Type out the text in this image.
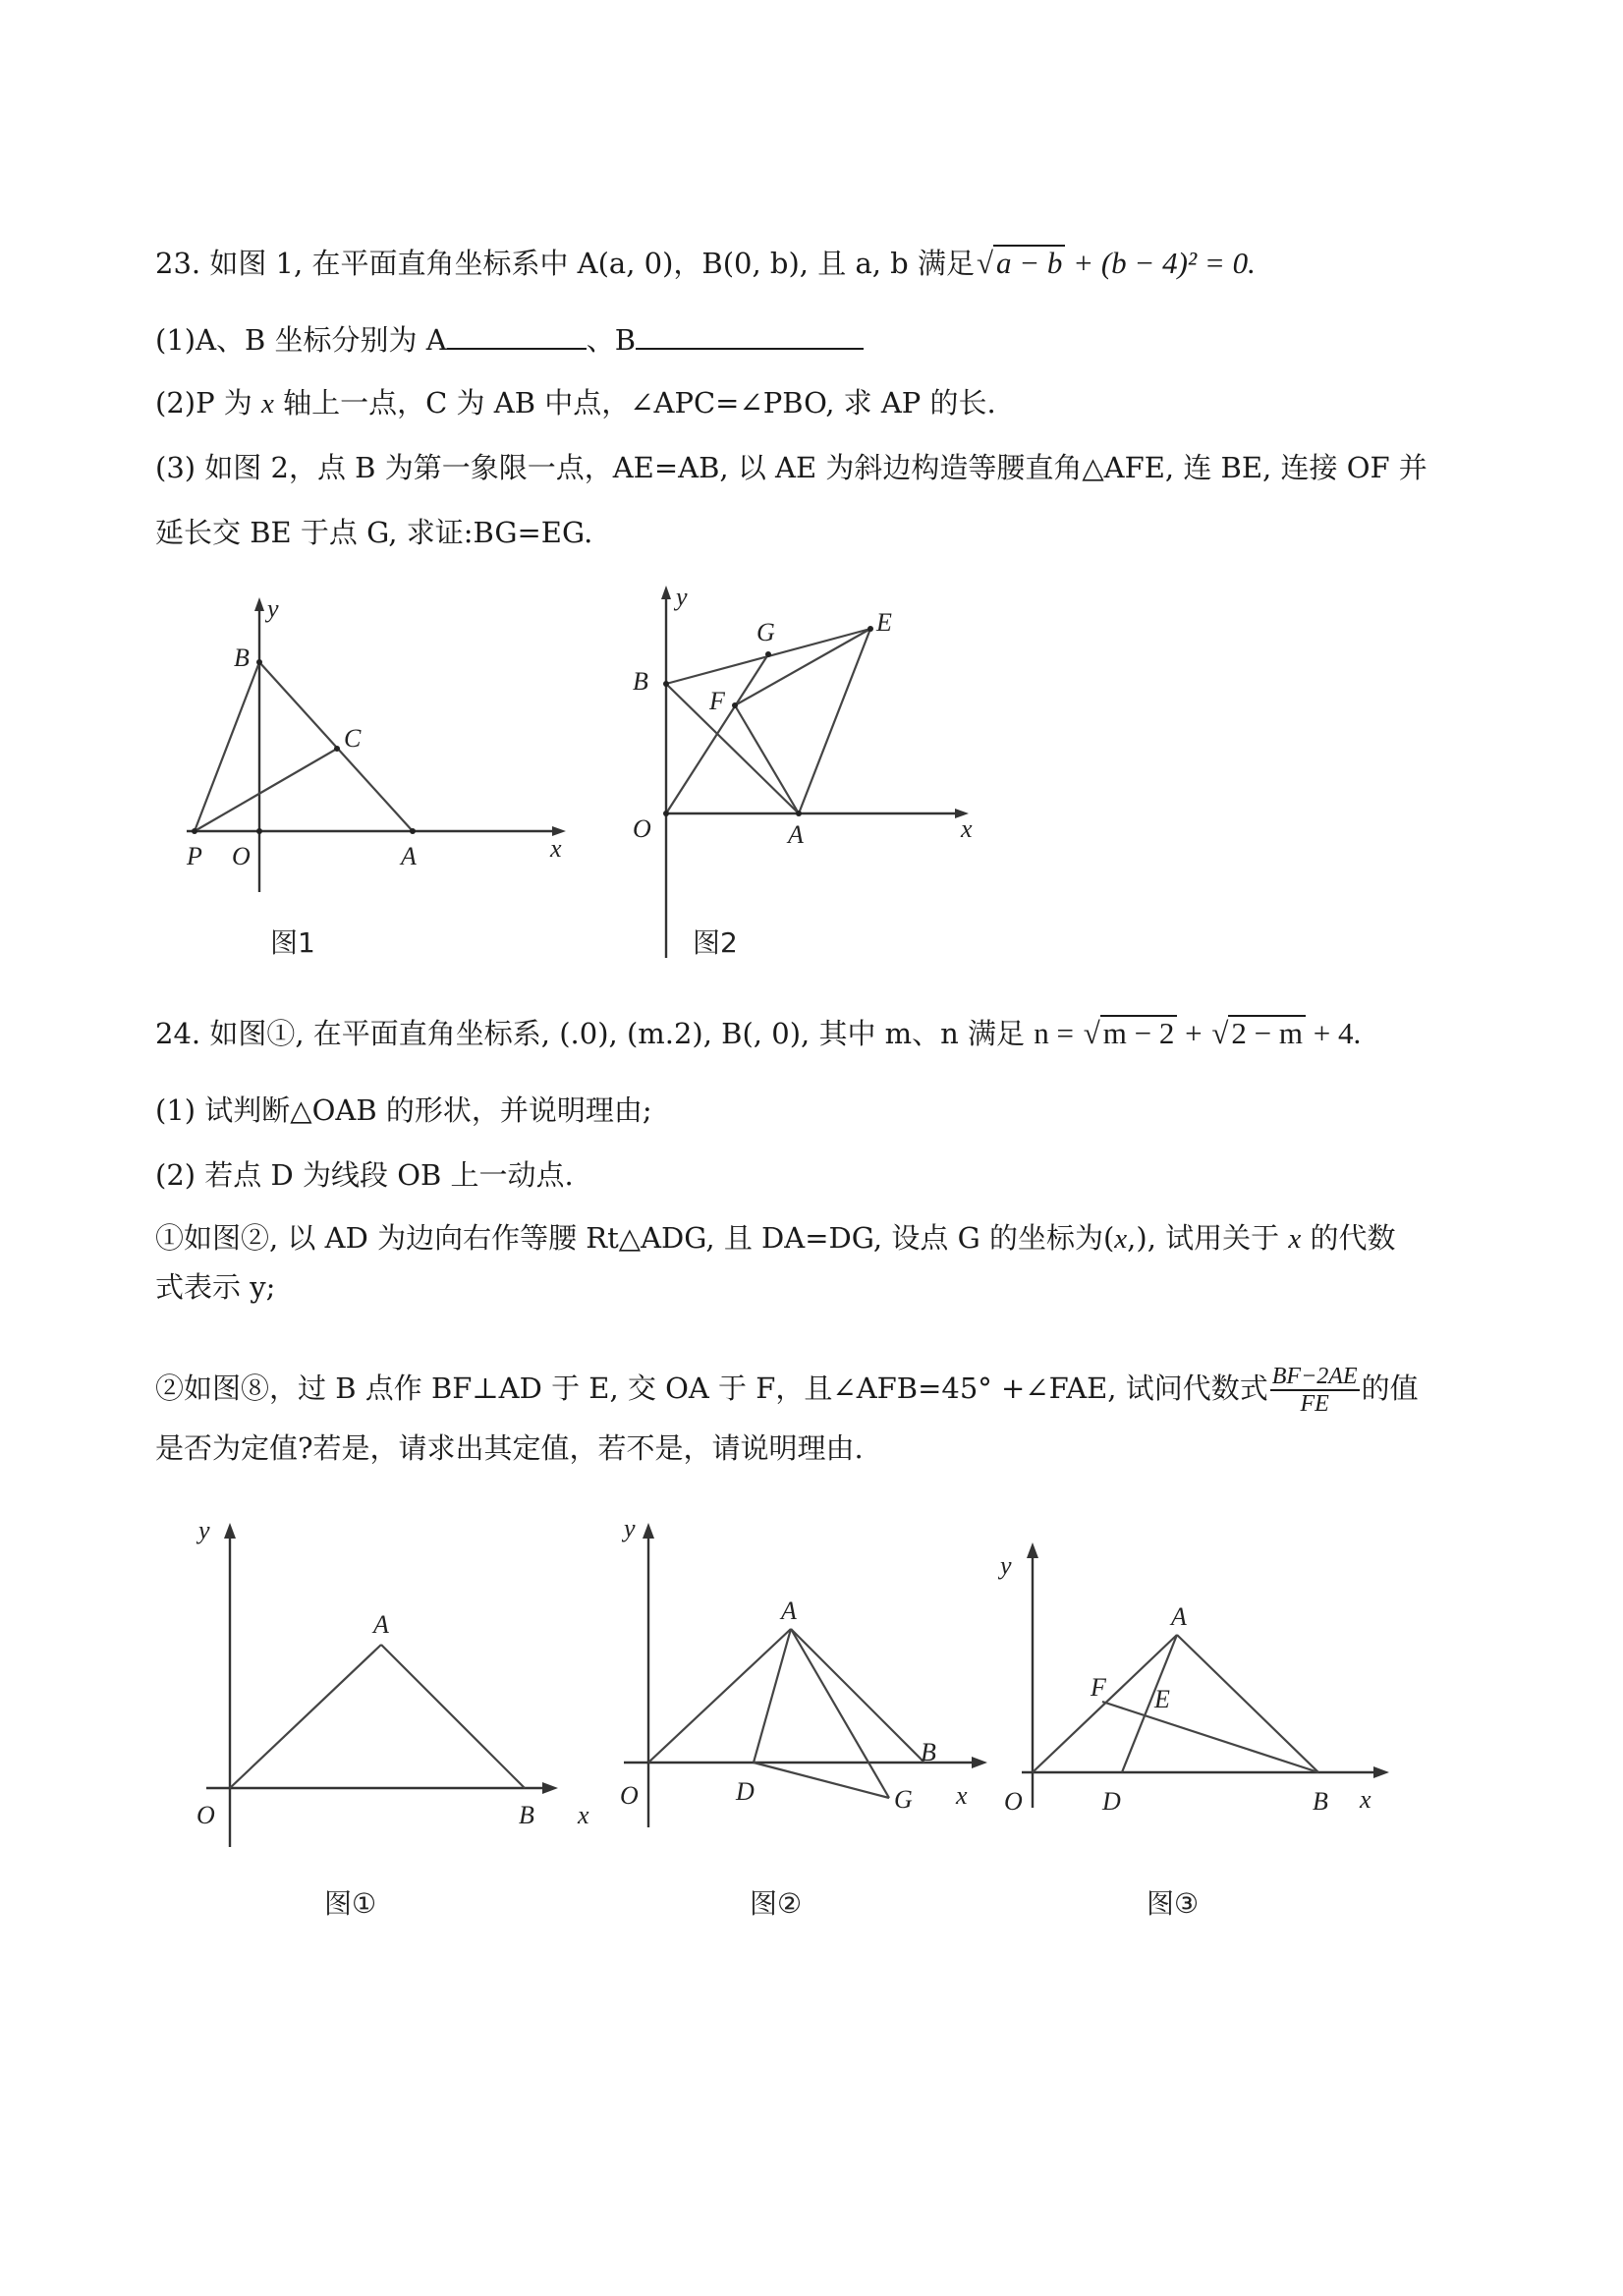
23. 如图 1, 在平面直角坐标系中 A(a, 0)，B(0, b), 且 a, b 满足√a − b + (b − 4)² = 0.
(1)A、B 坐标分别为 A	、B
(2)P 为 x 轴上一点，C 为 AB 中点，∠APC=∠PBO, 求 AP 的长.
(3) 如图 2，点 B 为第一象限一点，AE=AB, 以 AE 为斜边构造等腰直角△AFE, 连 BE, 连接 OF 并
延长交 BE 于点 G, 求证:BG=EG.
y
B
C
P O	A	x
图1
y
G	E
B
F
O	A	x
图2
24. 如图①, 在平面直角坐标系, (.0), (m.2), B(, 0), 其中 m、n 满足 n = √m − 2 + √2 − m + 4.
(1) 试判断△OAB 的形状，并说明理由;
(2) 若点 D 为线段 OB 上一动点.
①如图②, 以 AD 为边向右作等腰 Rt△ADG, 且 DA=DG, 设点 G 的坐标为(x,), 试用关于 x 的代数
式表示 y;
②如图⑧，过 B 点作 BF⊥AD 于 E, 交 OA 于 F，且∠AFB=45° +∠FAE, 试问代数式 $\frac{BF-2AE}{FE}$ 的值
是否为定值?若是，请求出其定值，若不是，请说明理由.
y
A
O	B x
图①
y
A
B
O	D	G x
图②
y
A
F E
O	D	B x
图③
